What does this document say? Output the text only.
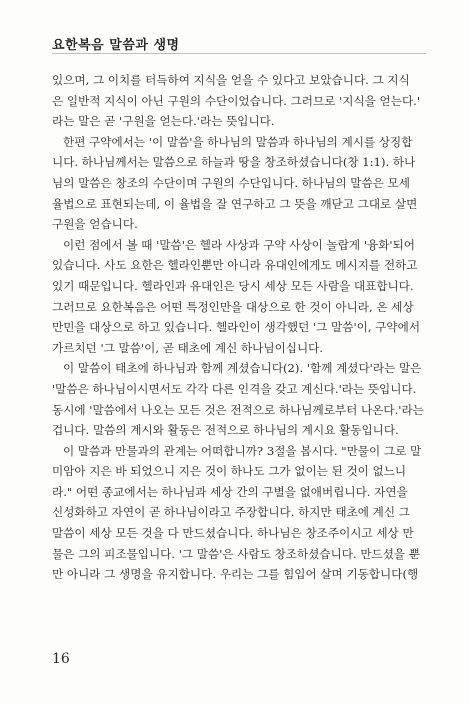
요한복음 말씀과 생명
있으며, 그 이치를 터득하여 지식을 얻을 수 있다고 보았습니다. 그 지식
은 일반적 지식이 아닌 구원의 수단이었습니다. 그러므로 '지식을 얻는다.'
라는 말은 곧 '구원을 얻는다.'라는 뜻입니다.
한편 구약에서는 '이 말씀'을 하나님의 말씀과 하나님의 계시를 상징합
니다. 하나님께서는 말씀으로 하늘과 땅을 창조하셨습니다(창 1:1). 하나
님의 말씀은 창조의 수단이며 구원의 수단입니다. 하나님의 말씀은 모세
율법으로 표현되는데, 이 율법을 잘 연구하고 그 뜻을 깨닫고 그대로 살면
구원을 얻습니다.
이런 점에서 볼 때 '말씀'은 헬라 사상과 구약 사상이 놀랍게 '융화'되어
있습니다. 사도 요한은 헬라인뿐만 아니라 유대인에게도 메시지를 전하고
있기 때문입니다. 헬라인과 유대인은 당시 세상 모든 사람을 대표합니다.
그러므로 요한복음은 어떤 특정인만을 대상으로 한 것이 아니라, 온 세상
만민을 대상으로 하고 있습니다. 헬라인이 생각했던 '그 말씀'이, 구약에서
가르치던 '그 말씀'이, 곧 태초에 계신 하나님이십니다.
이 말씀이 태초에 하나님과 함께 계셨습니다(2). '함께 계셨다'라는 말은
'말씀은 하나님이시면서도 각각 다른 인격을 갖고 계신다.'라는 뜻입니다.
동시에 '말씀에서 나오는 모든 것은 전적으로 하나님께로부터 나온다.'라는
겁니다. 말씀의 계시와 활동은 전적으로 하나님의 계시요 활동입니다.
이 말씀과 만물과의 관계는 어떠합니까? 3절을 봅시다. "만물이 그로 말
미암아 지은 바 되었으니 지은 것이 하나도 그가 없이는 된 것이 없느니
라." 어떤 종교에서는 하나님과 세상 간의 구별을 없애버립니다. 자연을
신성화하고 자연이 곧 하나님이라고 주장합니다. 하지만 태초에 계신 그
말씀이 세상 모든 것을 다 만드셨습니다. 하나님은 창조주이시고 세상 만
물은 그의 피조물입니다. '그 말씀'은 사람도 창조하셨습니다. 만드셨을 뿐
만 아니라 그 생명을 유지합니다. 우리는 그를 힘입어 살며 기동합니다(행
16
